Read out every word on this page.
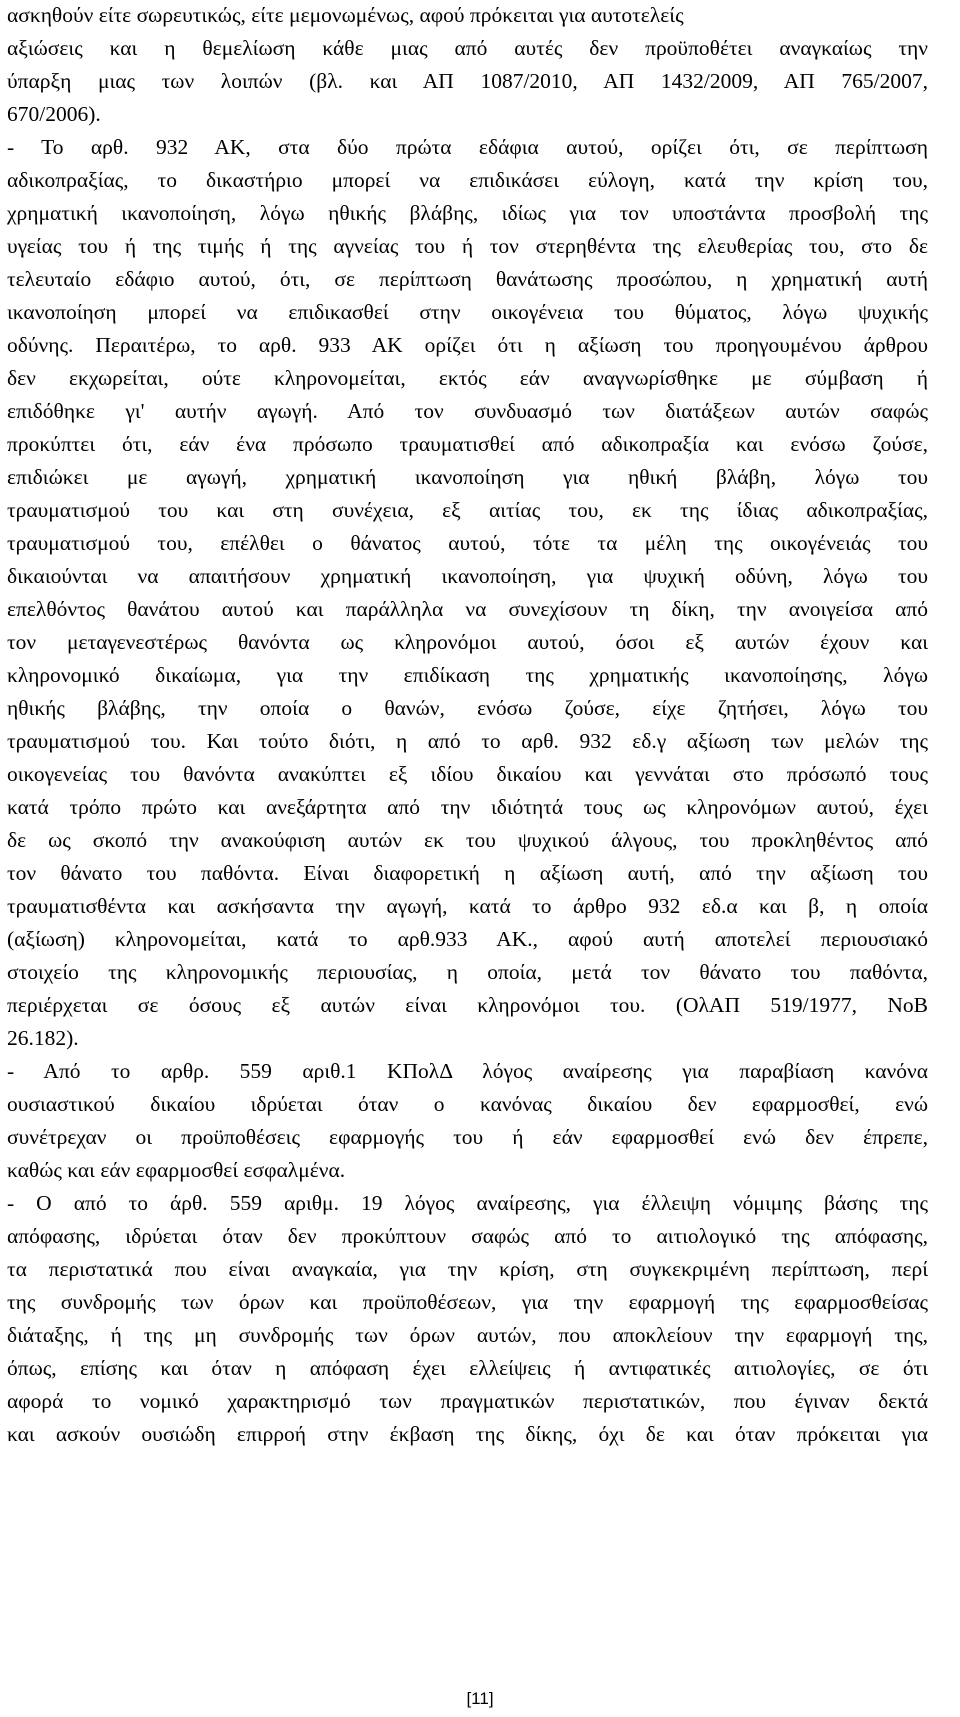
ασκηθούν είτε σωρευτικώς, είτε μεμονωμένως, αφού πρόκειται για αυτοτελείς
αξιώσεις και η θεμελίωση κάθε μιας από αυτές δεν προϋποθέτει αναγκαίως την
ύπαρξη μιας των λοιπών (βλ. και ΑΠ 1087/2010, ΑΠ 1432/2009, ΑΠ 765/2007,
670/2006).
- Το αρθ. 932 ΑΚ, στα δύο πρώτα εδάφια αυτού, ορίζει ότι, σε περίπτωση
αδικοπραξίας, το δικαστήριο μπορεί να επιδικάσει εύλογη, κατά την κρίση του,
χρηματική ικανοποίηση, λόγω ηθικής βλάβης, ιδίως για τον υποστάντα προσβολή της
υγείας του ή της τιμής ή της αγνείας του ή τον στερηθέντα της ελευθερίας του, στο δε
τελευταίο εδάφιο αυτού, ότι, σε περίπτωση θανάτωσης προσώπου, η χρηματική αυτή
ικανοποίηση μπορεί να επιδικασθεί στην οικογένεια του θύματος, λόγω ψυχικής
οδύνης. Περαιτέρω, το αρθ. 933 ΑΚ ορίζει ότι η αξίωση του προηγουμένου άρθρου
δεν εκχωρείται, ούτε κληρονομείται, εκτός εάν αναγνωρίσθηκε με σύμβαση ή
επιδόθηκε γι' αυτήν αγωγή. Από τον συνδυασμό των διατάξεων αυτών σαφώς
προκύπτει ότι, εάν ένα πρόσωπο τραυματισθεί από αδικοπραξία και ενόσω ζούσε,
επιδιώκει με αγωγή, χρηματική ικανοποίηση για ηθική βλάβη, λόγω του
τραυματισμού του και στη συνέχεια, εξ αιτίας του, εκ της ίδιας αδικοπραξίας,
τραυματισμού του, επέλθει ο θάνατος αυτού, τότε τα μέλη της οικογένειάς του
δικαιούνται να απαιτήσουν χρηματική ικανοποίηση, για ψυχική οδύνη, λόγω του
επελθόντος θανάτου αυτού και παράλληλα να συνεχίσουν τη δίκη, την ανοιγείσα από
τον μεταγενεστέρως θανόντα ως κληρονόμοι αυτού, όσοι εξ αυτών έχουν και
κληρονομικό δικαίωμα, για την επιδίκαση της χρηματικής ικανοποίησης, λόγω
ηθικής βλάβης, την οποία ο θανών, ενόσω ζούσε, είχε ζητήσει, λόγω του
τραυματισμού του. Και τούτο διότι, η από το αρθ. 932 εδ.γ αξίωση των μελών της
οικογενείας του θανόντα ανακύπτει εξ ιδίου δικαίου και γεννάται στο πρόσωπό τους
κατά τρόπο πρώτο και ανεξάρτητα από την ιδιότητά τους ως κληρονόμων αυτού, έχει
δε ως σκοπό την ανακούφιση αυτών εκ του ψυχικού άλγους, του προκληθέντος από
τον θάνατο του παθόντα. Είναι διαφορετική η αξίωση αυτή, από την αξίωση του
τραυματισθέντα και ασκήσαντα την αγωγή, κατά το άρθρο 932 εδ.α και β, η οποία
(αξίωση) κληρονομείται, κατά το αρθ.933 ΑΚ., αφού αυτή αποτελεί περιουσιακό
στοιχείο της κληρονομικής περιουσίας, η οποία, μετά τον θάνατο του παθόντα,
περιέρχεται σε όσους εξ αυτών είναι κληρονόμοι του. (ΟλΑΠ 519/1977, ΝοΒ
26.182).
- Από το αρθρ. 559 αριθ.1 ΚΠολΔ λόγος αναίρεσης για παραβίαση κανόνα
ουσιαστικού δικαίου ιδρύεται όταν ο κανόνας δικαίου δεν εφαρμοσθεί, ενώ
συνέτρεχαν οι προϋποθέσεις εφαρμογής του ή εάν εφαρμοσθεί ενώ δεν έπρεπε,
καθώς και εάν εφαρμοσθεί εσφαλμένα.
- Ο από το άρθ. 559 αριθμ. 19 λόγος αναίρεσης, για έλλειψη νόμιμης βάσης της
απόφασης, ιδρύεται όταν δεν προκύπτουν σαφώς από το αιτιολογικό της απόφασης,
τα περιστατικά που είναι αναγκαία, για την κρίση, στη συγκεκριμένη περίπτωση, περί
της συνδρομής των όρων και προϋποθέσεων, για την εφαρμογή της εφαρμοσθείσας
διάταξης, ή της μη συνδρομής των όρων αυτών, που αποκλείουν την εφαρμογή της,
όπως, επίσης και όταν η απόφαση έχει ελλείψεις ή αντιφατικές αιτιολογίες, σε ότι
αφορά το νομικό χαρακτηρισμό των πραγματικών περιστατικών, που έγιναν δεκτά
και ασκούν ουσιώδη επιρροή στην έκβαση της δίκης, όχι δε και όταν πρόκειται για
[11]
